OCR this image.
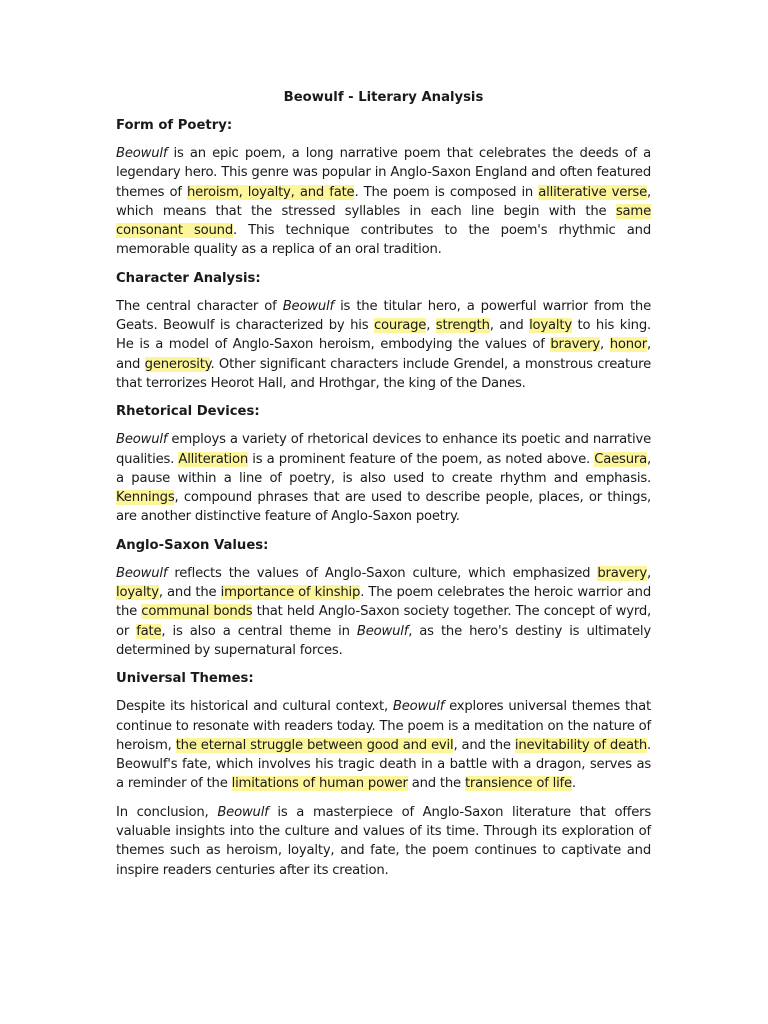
Beowulf - Literary Analysis
Form of Poetry:

Beowulf is an epic poem, a long narrative poem that celebrates the deeds of a legendary hero. This genre was popular in Anglo-Saxon England and often featured themes of heroism, loyalty, and fate. The poem is composed in alliterative verse, which means that the stressed syllables in each line begin with the same consonant sound. This technique contributes to the poem's rhythmic and memorable quality as a replica of an oral tradition.

Character Analysis:

The central character of Beowulf is the titular hero, a powerful warrior from the Geats. Beowulf is characterized by his courage, strength, and loyalty to his king. He is a model of Anglo-Saxon heroism, embodying the values of bravery, honor, and generosity. Other significant characters include Grendel, a monstrous creature that terrorizes Heorot Hall, and Hrothgar, the king of the Danes.

Rhetorical Devices:

Beowulf employs a variety of rhetorical devices to enhance its poetic and narrative qualities. Alliteration is a prominent feature of the poem, as noted above. Caesura, a pause within a line of poetry, is also used to create rhythm and emphasis. Kennings, compound phrases that are used to describe people, places, or things, are another distinctive feature of Anglo-Saxon poetry.

Anglo-Saxon Values:

Beowulf reflects the values of Anglo-Saxon culture, which emphasized bravery, loyalty, and the importance of kinship. The poem celebrates the heroic warrior and the communal bonds that held Anglo-Saxon society together. The concept of wyrd, or fate, is also a central theme in Beowulf, as the hero's destiny is ultimately determined by supernatural forces.

Universal Themes:

Despite its historical and cultural context, Beowulf explores universal themes that continue to resonate with readers today. The poem is a meditation on the nature of heroism, the eternal struggle between good and evil, and the inevitability of death. Beowulf's fate, which involves his tragic death in a battle with a dragon, serves as a reminder of the limitations of human power and the transience of life.

In conclusion, Beowulf is a masterpiece of Anglo-Saxon literature that offers valuable insights into the culture and values of its time. Through its exploration of themes such as heroism, loyalty, and fate, the poem continues to captivate and inspire readers centuries after its creation.
